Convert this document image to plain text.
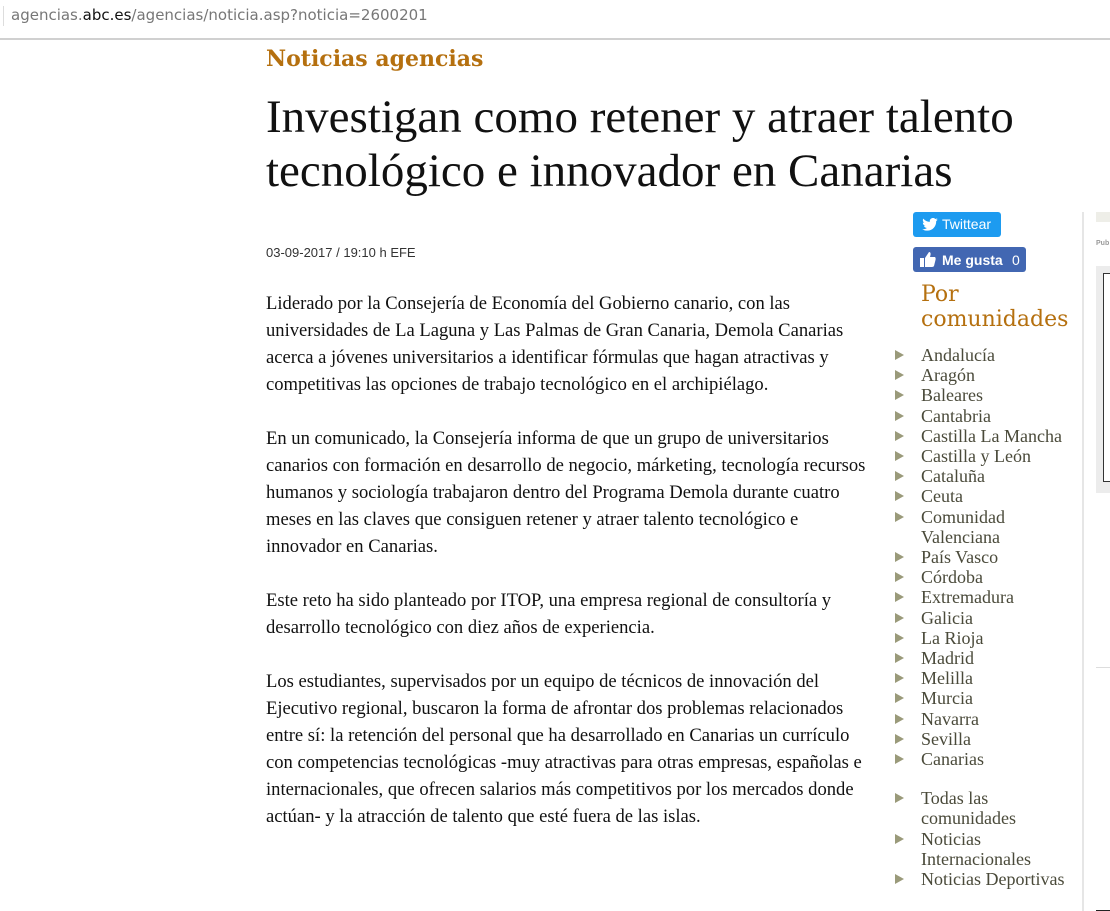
agencias.abc.es/agencias/noticia.asp?noticia=2600201
Noticias agencias
Investigan como retener y atraer talento
tecnológico e innovador en Canarias
03-09-2017 / 19:10 h EFE

Liderado por la Consejería de Economía del Gobierno canario, con las universidades de La Laguna y Las Palmas de Gran Canaria, Demola Canarias acerca a jóvenes universitarios a identificar fórmulas que hagan atractivas y competitivas las opciones de trabajo tecnológico en el archipiélago.

En un comunicado, la Consejería informa de que un grupo de universitarios canarios con formación en desarrollo de negocio, márketing, tecnología recursos humanos y sociología trabajaron dentro del Programa Demola durante cuatro meses en las claves que consiguen retener y atraer talento tecnológico e innovador en Canarias.

Este reto ha sido planteado por ITOP, una empresa regional de consultoría y desarrollo tecnológico con diez años de experiencia.

Los estudiantes, supervisados por un equipo de técnicos de innovación del Ejecutivo regional, buscaron la forma de afrontar dos problemas relacionados entre sí: la retención del personal que ha desarrollado en Canarias un currículo con competencias tecnológicas -muy atractivas para otras empresas, españolas e internacionales, que ofrecen salarios más competitivos por los mercados donde actúan- y la atracción de talento que esté fuera de las islas.

Twittear
Me gusta 0
Por comunidades
Andalucía
Aragón
Baleares
Cantabria
Castilla La Mancha
Castilla y León
Cataluña
Ceuta
Comunidad Valenciana
País Vasco
Córdoba
Extremadura
Galicia
La Rioja
Madrid
Melilla
Murcia
Navarra
Sevilla
Canarias
Todas las comunidades
Noticias Internacionales
Noticias Deportivas
Pub
